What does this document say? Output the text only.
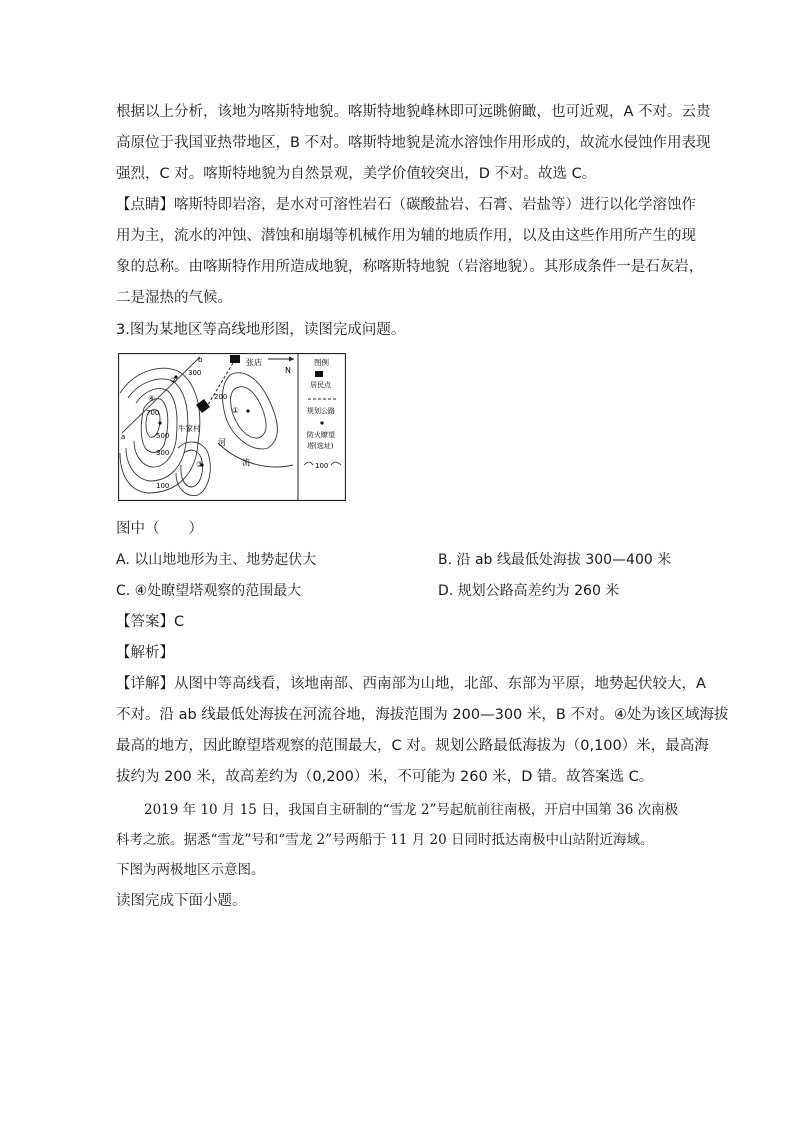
根据以上分析，该地为喀斯特地貌。喀斯特地貌峰林即可远眺俯瞰，也可近观，A 不对。云贵
高原位于我国亚热带地区，B 不对。喀斯特地貌是流水溶蚀作用形成的，故流水侵蚀作用表现
强烈，C 对。喀斯特地貌为自然景观，美学价值较突出，D 不对。故选 C。
【点睛】喀斯特即岩溶，是水对可溶性岩石（碳酸盐岩、石膏、岩盐等）进行以化学溶蚀作
用为主，流水的冲蚀、潜蚀和崩塌等机械作用为辅的地质作用，以及由这些作用所产生的现
象的总称。由喀斯特作用所造成地貌，称喀斯特地貌（岩溶地貌）。其形成条件一是石灰岩，
二是湿热的气候。
3.图为某地区等高线地形图，读图完成问题。
张店
N
牛家村
河
流
300
200
700
500
300
100
b
a
①
②
③
④
图例
居民点
规划公路
防火瞭望
塔(选址)
100
图中（　　）
A. 以山地地形为主、地势起伏大	B. 沿 ab 线最低处海拔 300—400 米
C. ④处瞭望塔观察的范围最大	D. 规划公路高差约为 260 米
【答案】C
【解析】
【详解】从图中等高线看，该地南部、西南部为山地，北部、东部为平原，地势起伏较大，A
不对。沿 ab 线最低处海拔在河流谷地，海拔范围为 200—300 米，B 不对。④处为该区域海拔
最高的地方，因此瞭望塔观察的范围最大，C 对。规划公路最低海拔为（0,100）米，最高海
拔约为 200 米，故高差约为（0,200）米，不可能为 260 米，D 错。故答案选 C。
2019 年 10 月 15 日，我国自主研制的“雪龙 2”号起航前往南极，开启中国第 36 次南极
科考之旅。据悉“雪龙”号和“雪龙 2”号两船于 11 月 20 日同时抵达南极中山站附近海域。
下图为两极地区示意图。
读图完成下面小题。
